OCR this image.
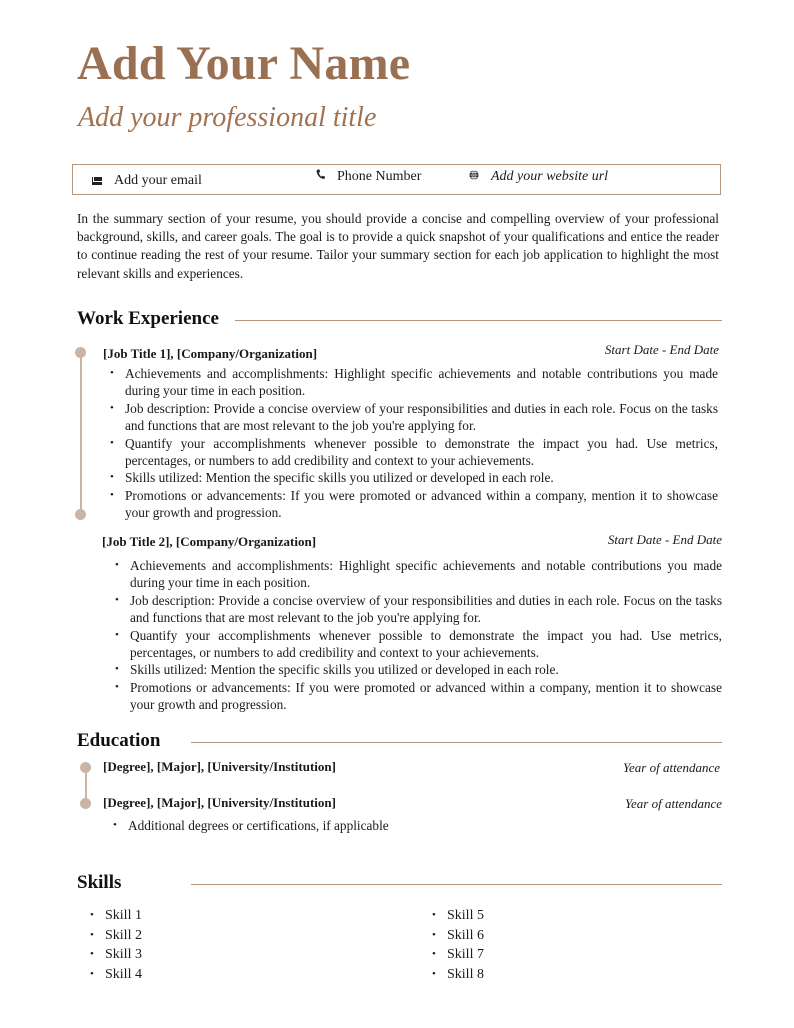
Add Your Name
Add your professional title
Add your email	Phone Number	Add your website url

In the summary section of your resume, you should provide a concise and compelling overview of your professional background, skills, and career goals. The goal is to provide a quick snapshot of your qualifications and entice the reader to continue reading the rest of your resume. Tailor your summary section for each job application to highlight the most relevant skills and experiences.

Work Experience
[Job Title 1], [Company/Organization]	Start Date - End Date
• Achievements and accomplishments: Highlight specific achievements and notable contributions you made during your time in each position.
• Job description: Provide a concise overview of your responsibilities and duties in each role. Focus on the tasks and functions that are most relevant to the job you're applying for.
• Quantify your accomplishments whenever possible to demonstrate the impact you had. Use metrics, percentages, or numbers to add credibility and context to your achievements.
• Skills utilized: Mention the specific skills you utilized or developed in each role.
• Promotions or advancements: If you were promoted or advanced within a company, mention it to showcase your growth and progression.
[Job Title 2], [Company/Organization]	Start Date - End Date
• Achievements and accomplishments: Highlight specific achievements and notable contributions you made during your time in each position.
• Job description: Provide a concise overview of your responsibilities and duties in each role. Focus on the tasks and functions that are most relevant to the job you're applying for.
• Quantify your accomplishments whenever possible to demonstrate the impact you had. Use metrics, percentages, or numbers to add credibility and context to your achievements.
• Skills utilized: Mention the specific skills you utilized or developed in each role.
• Promotions or advancements: If you were promoted or advanced within a company, mention it to showcase your growth and progression.
Education
[Degree], [Major], [University/Institution]	Year of attendance
[Degree], [Major], [University/Institution]	Year of attendance
• Additional degrees or certifications, if applicable
Skills
• Skill 1
• Skill 2
• Skill 3
• Skill 4
• Skill 5
• Skill 6
• Skill 7
• Skill 8
